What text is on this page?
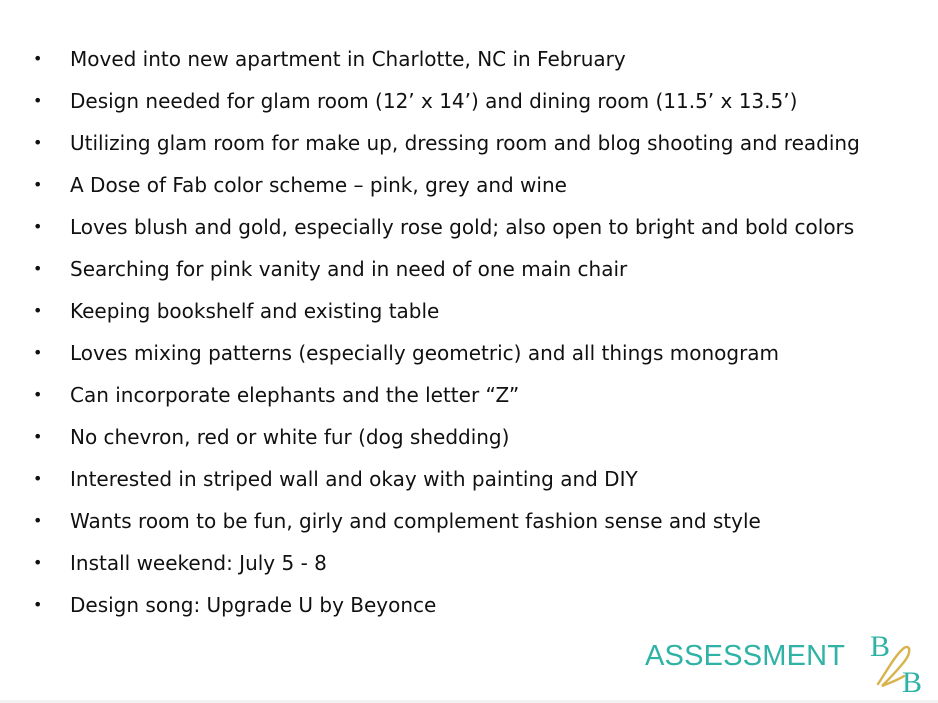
• Moved into new apartment in Charlotte, NC in February
• Design needed for glam room (12’ x 14’) and dining room (11.5’ x 13.5’)
• Utilizing glam room for make up, dressing room and blog shooting and reading
• A Dose of Fab color scheme – pink, grey and wine
• Loves blush and gold, especially rose gold; also open to bright and bold colors
• Searching for pink vanity and in need of one main chair
• Keeping bookshelf and existing table
• Loves mixing patterns (especially geometric) and all things monogram
• Can incorporate elephants and the letter “Z”
• No chevron, red or white fur (dog shedding)
• Interested in striped wall and okay with painting and DIY
• Wants room to be fun, girly and complement fashion sense and style
• Install weekend: July 5 - 8
• Design song: Upgrade U by Beyonce
ASSESSMENT B
B
